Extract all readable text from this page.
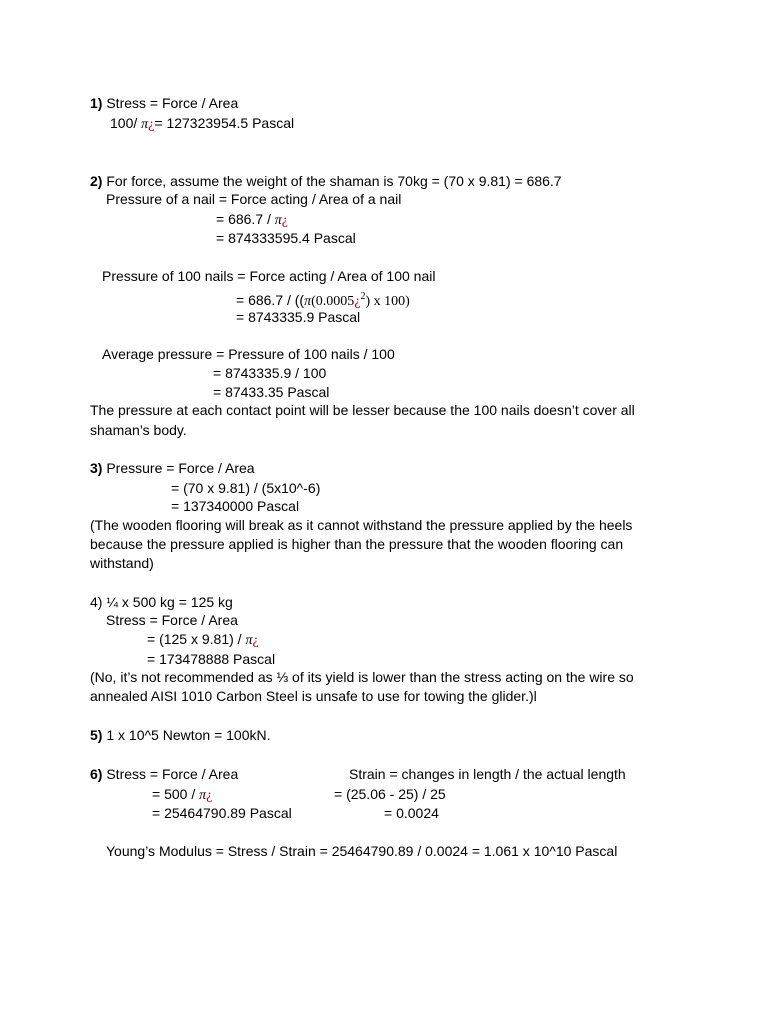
1) Stress = Force / Area
100/ π¿= 127323954.5 Pascal
2) For force, assume the weight of the shaman is 70kg = (70 x 9.81) = 686.7
Pressure of a nail = Force acting / Area of a nail
= 686.7 / π¿
= 874333595.4 Pascal
Pressure of 100 nails = Force acting / Area of 100 nail
= 686.7 / ((π(0.0005¿$^2$) x 100)
= 8743335.9 Pascal
Average pressure = Pressure of 100 nails / 100
= 8743335.9 / 100
= 87433.35 Pascal
The pressure at each contact point will be lesser because the 100 nails doesn’t cover all
shaman’s body.
3) Pressure = Force / Area
= (70 x 9.81) / (5x10^-6)
= 137340000 Pascal
(The wooden flooring will break as it cannot withstand the pressure applied by the heels
because the pressure applied is higher than the pressure that the wooden flooring can
withstand)
4) ¼ x 500 kg = 125 kg
Stress = Force / Area
= (125 x 9.81) / π¿
= 173478888 Pascal
(No, it’s not recommended as ⅓ of its yield is lower than the stress acting on the wire so
annealed AISI 1010 Carbon Steel is unsafe to use for towing the glider.)l
5) 1 x 10^5 Newton = 100kN.
6) Stress = Force / Area
= 500 / π¿
= 25464790.89 Pascal
Strain = changes in length / the actual length
= (25.06 - 25) / 25
= 0.0024
Young’s Modulus = Stress / Strain = 25464790.89 / 0.0024 = 1.061 x 10^10 Pascal
